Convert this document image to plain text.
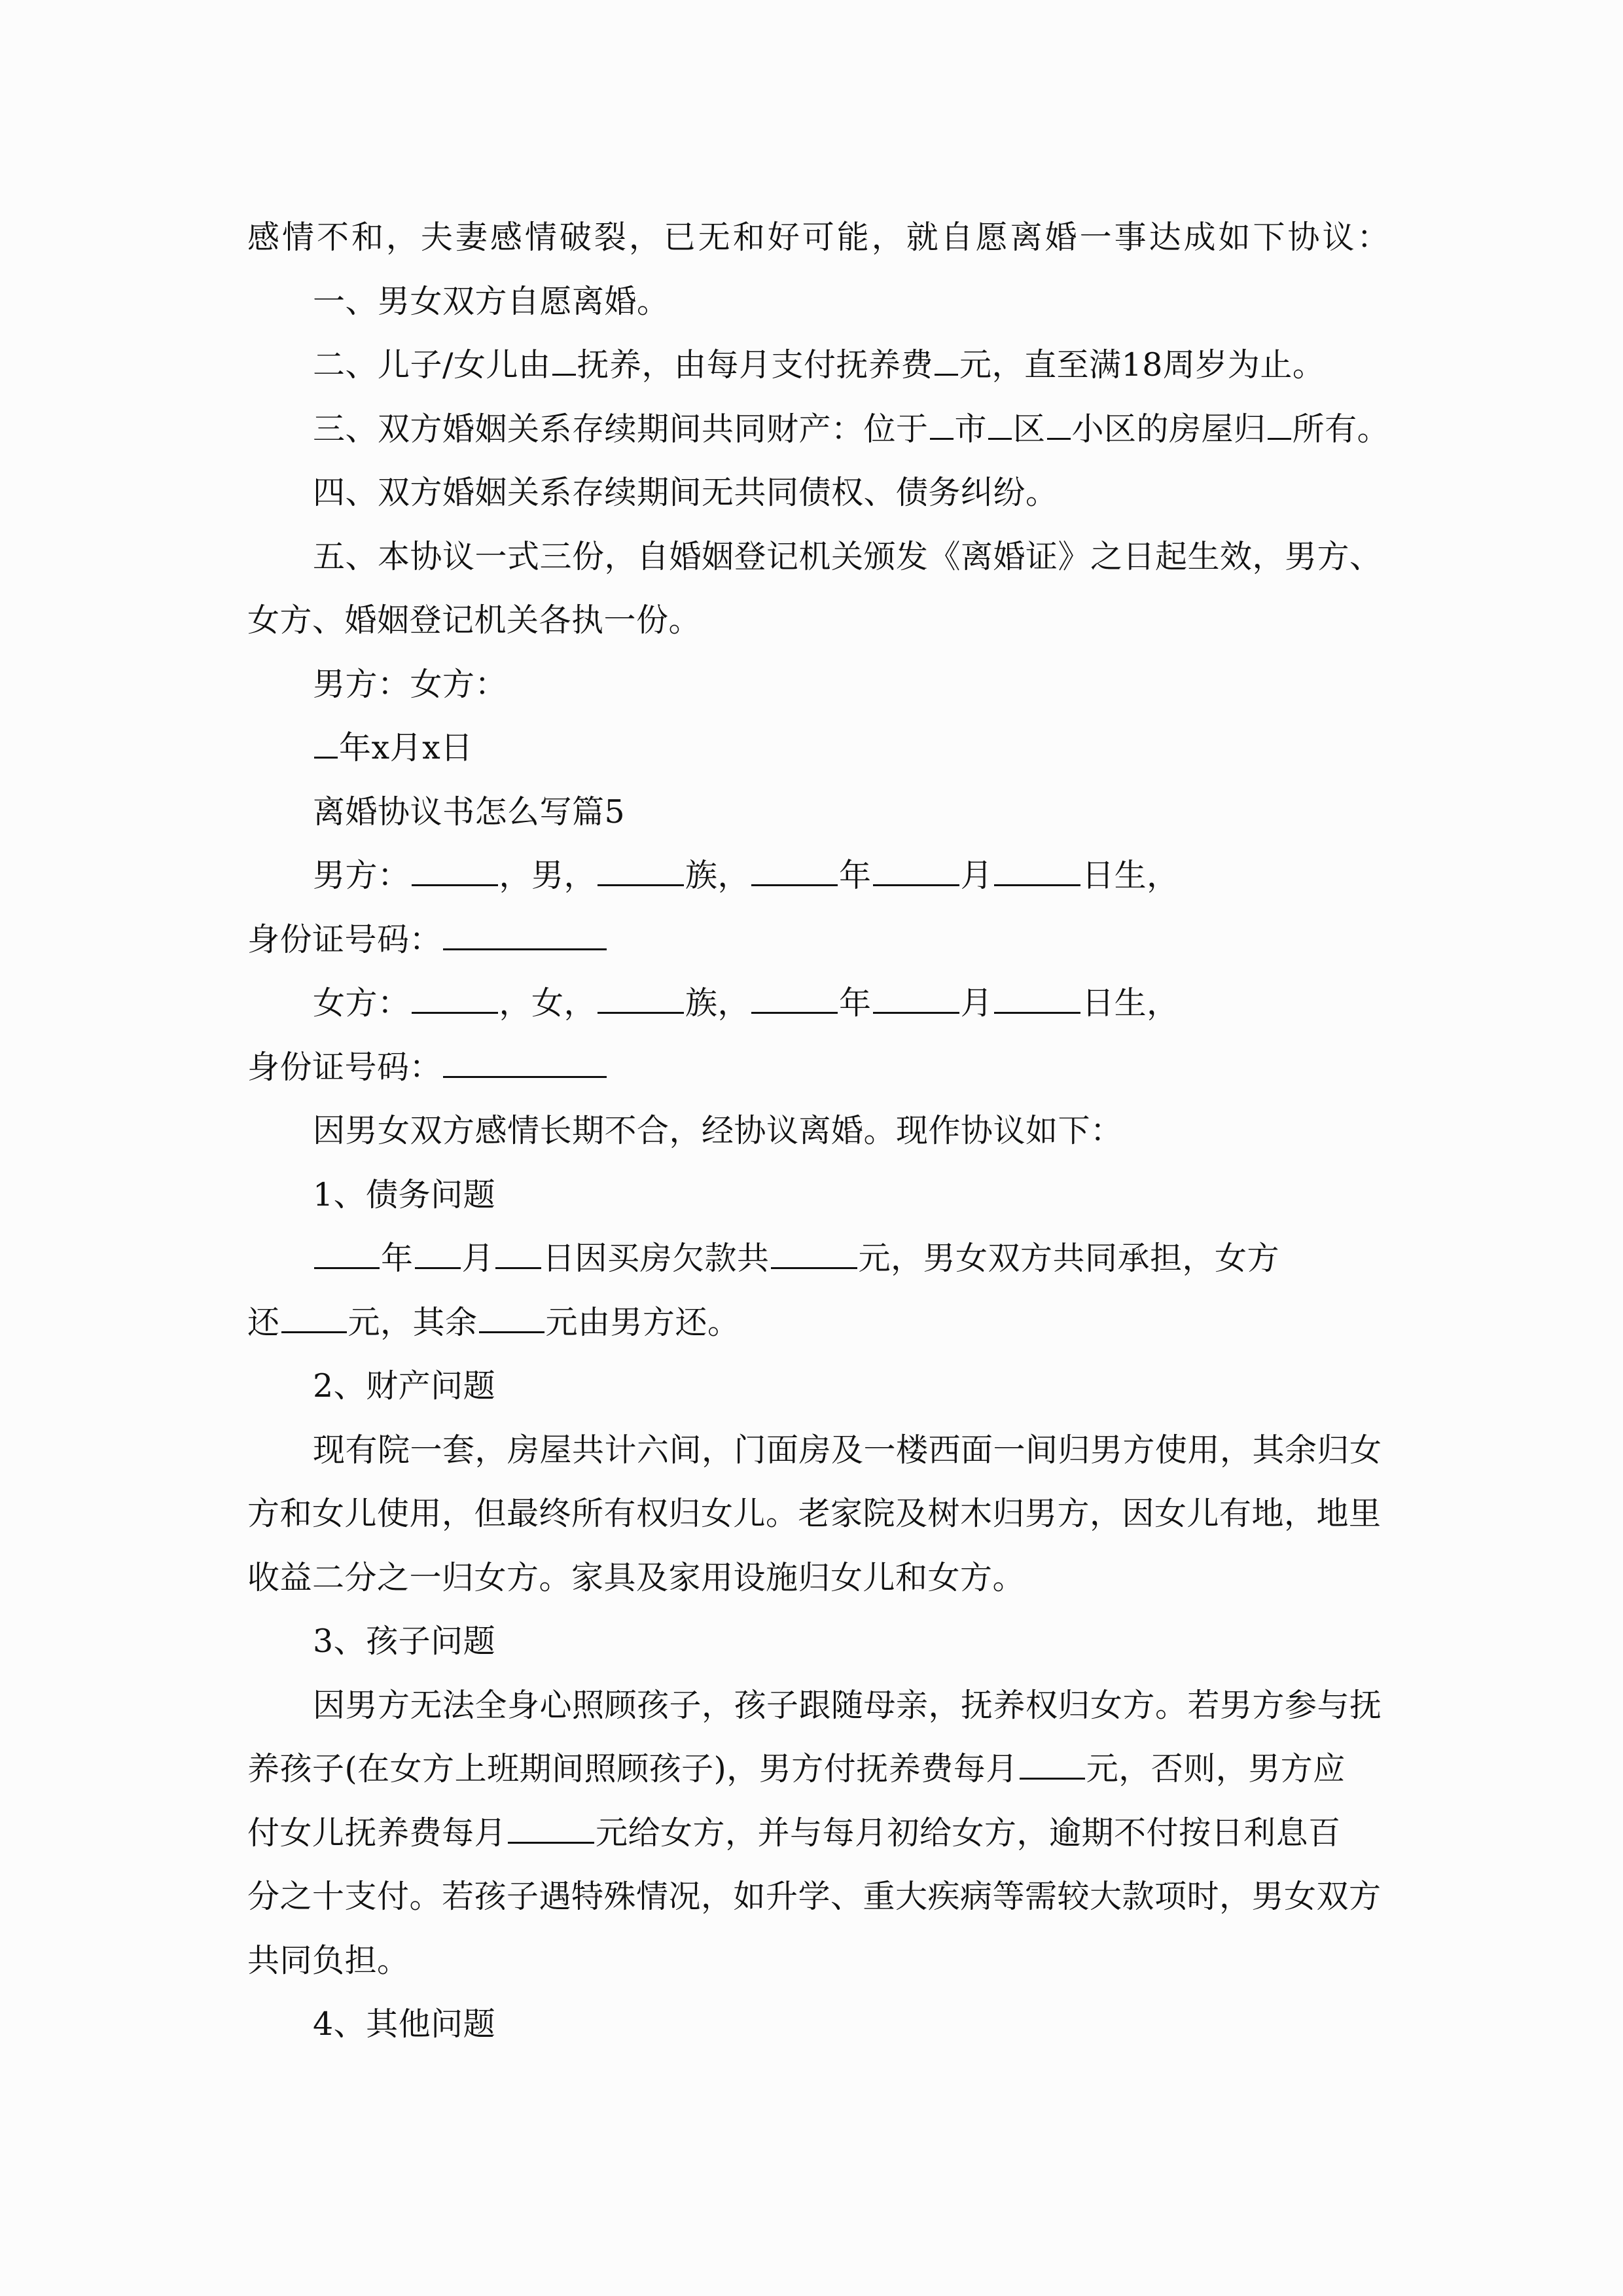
感情不和，夫妻感情破裂，已无和好可能，就自愿离婚一事达成如下协议：
一、男女双方自愿离婚。
二、儿子/女儿由 抚养，由每月支付抚养费 元，直至满18周岁为止。
三、双方婚姻关系存续期间共同财产：位于 市 区 小区的房屋归 所有。
四、双方婚姻关系存续期间无共同债权、债务纠纷。
五、本协议一式三份，自婚姻登记机关颁发《离婚证》之日起生效，男方、
女方、婚姻登记机关各执一份。
男方：女方：
年x月x日
离婚协议书怎么写篇5
男方：	，男，	族，	年	月	日生，
身份证号码：
女方：	，女，	族，	年	月	日生，
身份证号码：
因男女双方感情长期不合，经协议离婚。现作协议如下：
1、债务问题
年 月 日因买房欠款共	元，男女双方共同承担，女方
还 元，其余 元由男方还。
2、财产问题
现有院一套，房屋共计六间，门面房及一楼西面一间归男方使用，其余归女
方和女儿使用，但最终所有权归女儿。老家院及树木归男方，因女儿有地，地里
收益二分之一归女方。家具及家用设施归女儿和女方。
3、孩子问题
因男方无法全身心照顾孩子，孩子跟随母亲，抚养权归女方。若男方参与抚
养孩子(在女方上班期间照顾孩子)，男方付抚养费每月 元，否则，男方应
付女儿抚养费每月	元给女方，并与每月初给女方，逾期不付按日利息百
分之十支付。若孩子遇特殊情况，如升学、重大疾病等需较大款项时，男女双方
共同负担。
4、其他问题
